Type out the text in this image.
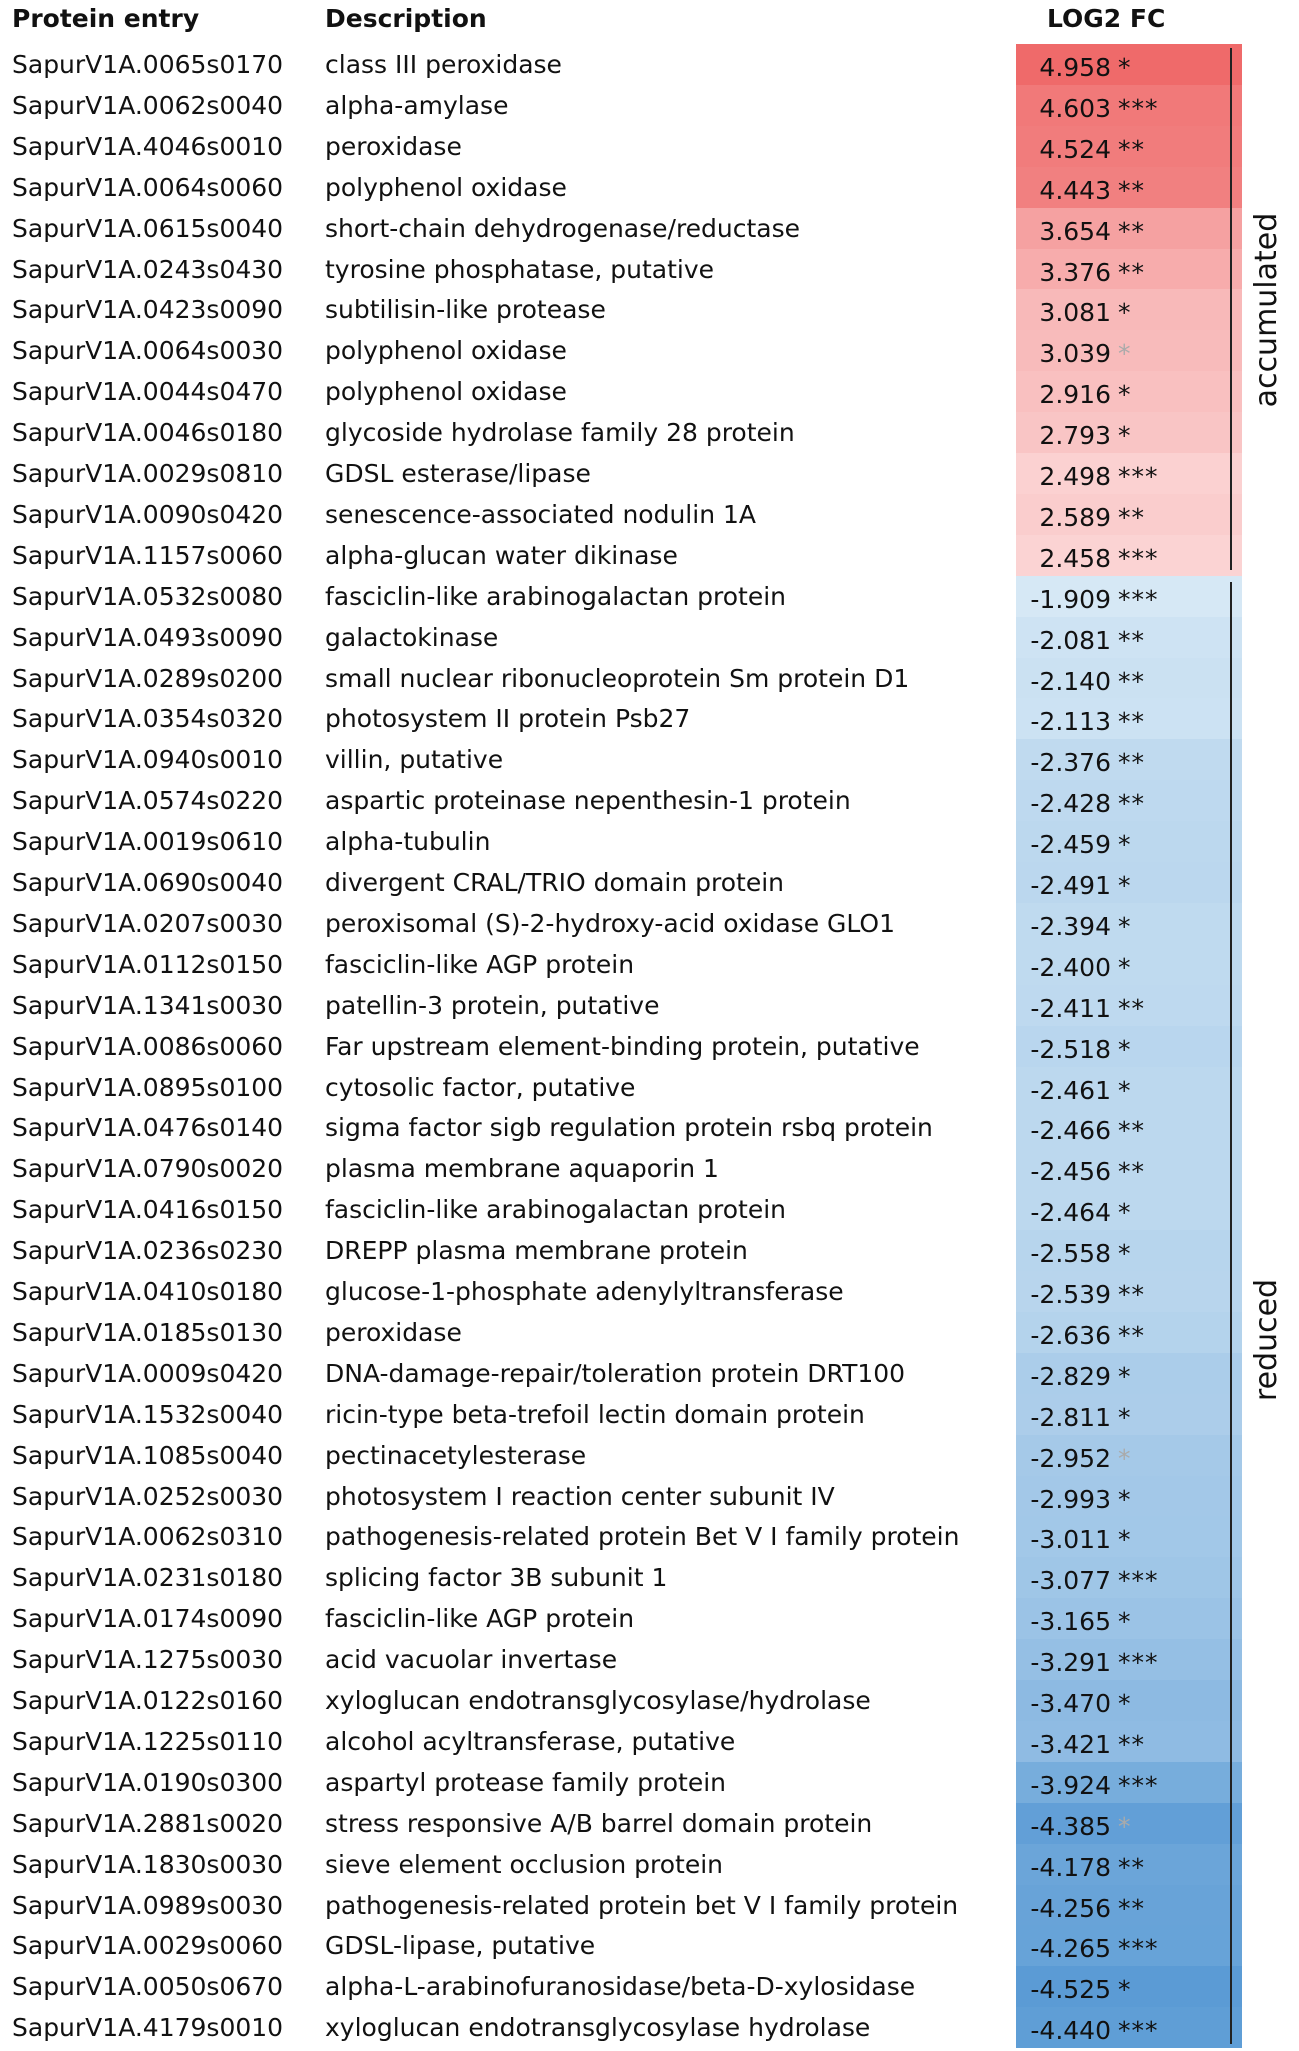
Protein entry	Description	LOG2 FC
SapurV1A.0065s0170 class III peroxidase	4.958 *
SapurV1A.0062s0040 alpha-amylase	4.603 ***
SapurV1A.4046s0010 peroxidase	4.524 **
SapurV1A.0064s0060 polyphenol oxidase	4.443 **
SapurV1A.0615s0040 short-chain dehydrogenase/reductase	3.654 **
SapurV1A.0243s0430 tyrosine phosphatase, putative	3.376 **
SapurV1A.0423s0090 subtilisin-like protease	3.081 *
SapurV1A.0064s0030 polyphenol oxidase	3.039 *
SapurV1A.0044s0470 polyphenol oxidase	2.916 *
SapurV1A.0046s0180 glycoside hydrolase family 28 protein	2.793 *
SapurV1A.0029s0810 GDSL esterase/lipase	2.498 ***
SapurV1A.0090s0420 senescence-associated nodulin 1A	2.589 **
SapurV1A.1157s0060 alpha-glucan water dikinase	2.458 ***
SapurV1A.0532s0080 fasciclin-like arabinogalactan protein	-1.909 ***
SapurV1A.0493s0090 galactokinase	-2.081 **
SapurV1A.0289s0200 small nuclear ribonucleoprotein Sm protein D1	-2.140 **
SapurV1A.0354s0320 photosystem II protein Psb27	-2.113 **
SapurV1A.0940s0010 villin, putative	-2.376 **
SapurV1A.0574s0220 aspartic proteinase nepenthesin-1 protein	-2.428 **
SapurV1A.0019s0610 alpha-tubulin	-2.459 *
SapurV1A.0690s0040 divergent CRAL/TRIO domain protein	-2.491 *
SapurV1A.0207s0030 peroxisomal (S)-2-hydroxy-acid oxidase GLO1	-2.394 *
SapurV1A.0112s0150 fasciclin-like AGP protein	-2.400 *
SapurV1A.1341s0030 patellin-3 protein, putative	-2.411 **
SapurV1A.0086s0060 Far upstream element-binding protein, putative	-2.518 *
SapurV1A.0895s0100 cytosolic factor, putative	-2.461 *
SapurV1A.0476s0140 sigma factor sigb regulation protein rsbq protein	-2.466 **
SapurV1A.0790s0020 plasma membrane aquaporin 1	-2.456 **
SapurV1A.0416s0150 fasciclin-like arabinogalactan protein	-2.464 *
SapurV1A.0236s0230 DREPP plasma membrane protein	-2.558 *
SapurV1A.0410s0180 glucose-1-phosphate adenylyltransferase	-2.539 **
SapurV1A.0185s0130 peroxidase	-2.636 **
SapurV1A.0009s0420 DNA-damage-repair/toleration protein DRT100	-2.829 *
SapurV1A.1532s0040 ricin-type beta-trefoil lectin domain protein	-2.811 *
SapurV1A.1085s0040 pectinacetylesterase	-2.952 *
SapurV1A.0252s0030 photosystem I reaction center subunit IV	-2.993 *
SapurV1A.0062s0310 pathogenesis-related protein Bet V I family protein	-3.011 *
SapurV1A.0231s0180 splicing factor 3B subunit 1	-3.077 ***
SapurV1A.0174s0090 fasciclin-like AGP protein	-3.165 *
SapurV1A.1275s0030 acid vacuolar invertase	-3.291 ***
SapurV1A.0122s0160 xyloglucan endotransglycosylase/hydrolase	-3.470 *
SapurV1A.1225s0110 alcohol acyltransferase, putative	-3.421 **
SapurV1A.0190s0300 aspartyl protease family protein	-3.924 ***
SapurV1A.2881s0020 stress responsive A/B barrel domain protein	-4.385 *
SapurV1A.1830s0030 sieve element occlusion protein	-4.178 **
SapurV1A.0989s0030 pathogenesis-related protein bet V I family protein	-4.256 **
SapurV1A.0029s0060 GDSL-lipase, putative	-4.265 ***
SapurV1A.0050s0670 alpha-L-arabinofuranosidase/beta-D-xylosidase	-4.525 *
SapurV1A.4179s0010 xyloglucan endotransglycosylase hydrolase	-4.440 ***
accumulated
reduced
